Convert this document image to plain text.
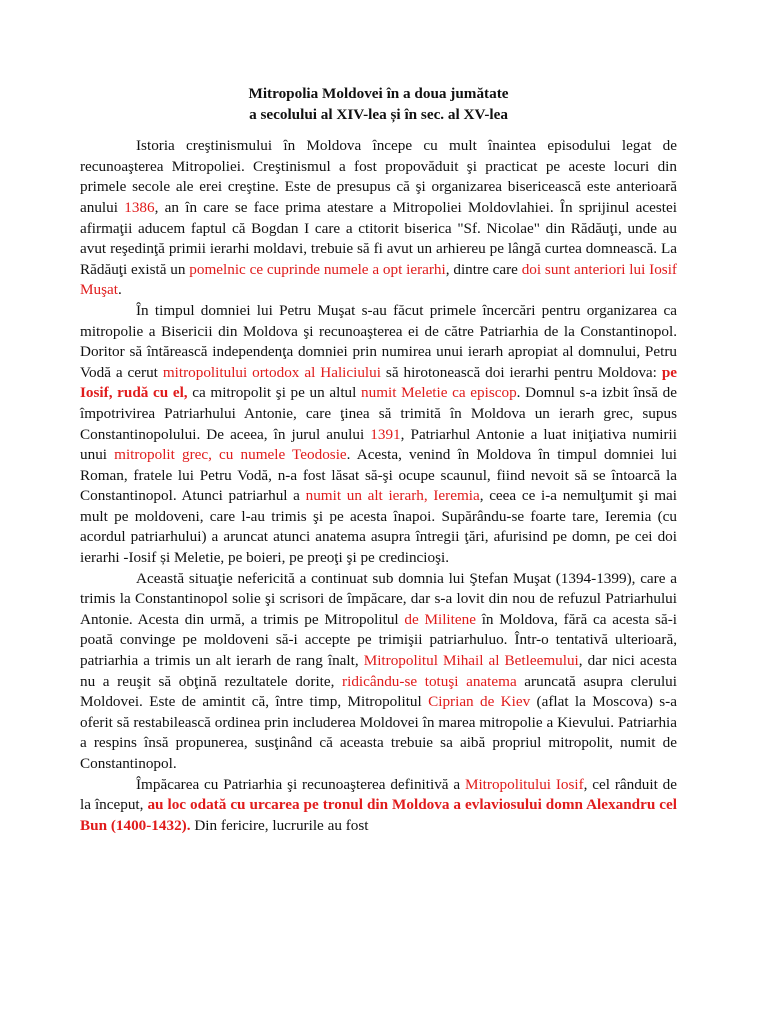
Mitropolia Moldovei în a doua jumătate
a secolului al XIV-lea și în sec. al XV-lea

Istoria creştinismului în Moldova începe cu mult înaintea episodului legat de recunoaşterea Mitropoliei. Creştinismul a fost propovăduit şi practicat pe aceste locuri din primele secole ale erei creştine. Este de presupus că şi organizarea bisericească este anterioară anului 1386, an în care se face prima atestare a Mitropoliei Moldovlahiei. În sprijinul acestei afirmaţii aducem faptul că Bogdan I care a ctitorit biserica "Sf. Nicolae" din Rădăuţi, unde au avut reşedinţă primii ierarhi moldavi, trebuie să fi avut un arhiereu pe lângă curtea domnească. La Rădăuţi există un pomelnic ce cuprinde numele a opt ierarhi, dintre care doi sunt anteriori lui Iosif Muşat.

În timpul domniei lui Petru Muşat s-au făcut primele încercări pentru organizarea ca mitropolie a Bisericii din Moldova şi recunoaşterea ei de către Patriarhia de la Constantinopol. Doritor să întărească independenţa domniei prin numirea unui ierarh apropiat al domnului, Petru Vodă a cerut mitropolitului ortodox al Haliciului să hirotonească doi ierarhi pentru Moldova: pe Iosif, rudă cu el, ca mitropolit şi pe un altul numit Meletie ca episcop. Domnul s-a izbit însă de împotrivirea Patriarhului Antonie, care ţinea să trimită în Moldova un ierarh grec, supus Constantinopolului. De aceea, în jurul anului 1391, Patriarhul Antonie a luat iniţiativa numirii unui mitropolit grec, cu numele Teodosie. Acesta, venind în Moldova în timpul domniei lui Roman, fratele lui Petru Vodă, n-a fost lăsat să-şi ocupe scaunul, fiind nevoit să se întoarcă la Constantinopol. Atunci patriarhul a numit un alt ierarh, Ieremia, ceea ce i-a nemulţumit şi mai mult pe moldoveni, care l-au trimis şi pe acesta înapoi. Supărându-se foarte tare, Ieremia (cu acordul patriarhului) a aruncat atunci anatema asupra întregii ţări, afurisind pe domn, pe cei doi ierarhi -Iosif și Meletie, pe boieri, pe preoţi şi pe credincioşi.

Această situaţie nefericită a continuat sub domnia lui Ştefan Muşat (1394-1399), care a trimis la Constantinopol solie şi scrisori de împăcare, dar s-a lovit din nou de refuzul Patriarhului Antonie. Acesta din urmă, a trimis pe Mitropolitul de Militene în Moldova, fără ca acesta să-i poată convinge pe moldoveni să-i accepte pe trimişii patriarhuluo. Într-o tentativă ulterioară, patriarhia a trimis un alt ierarh de rang înalt, Mitropolitul Mihail al Betleemului, dar nici acesta nu a reuşit să obţină rezultatele dorite, ridicându-se totuşi anatema aruncată asupra clerului Moldovei. Este de amintit că, între timp, Mitropolitul Ciprian de Kiev (aflat la Moscova) s-a oferit să restabilească ordinea prin includerea Moldovei în marea mitropolie a Kievului. Patriarhia a respins însă propunerea, susţinând că aceasta trebuie sa aibă propriul mitropolit, numit de Constantinopol.

Împăcarea cu Patriarhia şi recunoaşterea definitivă a Mitropolitului Iosif, cel rânduit de la început, au loc odată cu urcarea pe tronul din Moldova a evlaviosului domn Alexandru cel Bun (1400-1432). Din fericire, lucrurile au fost
